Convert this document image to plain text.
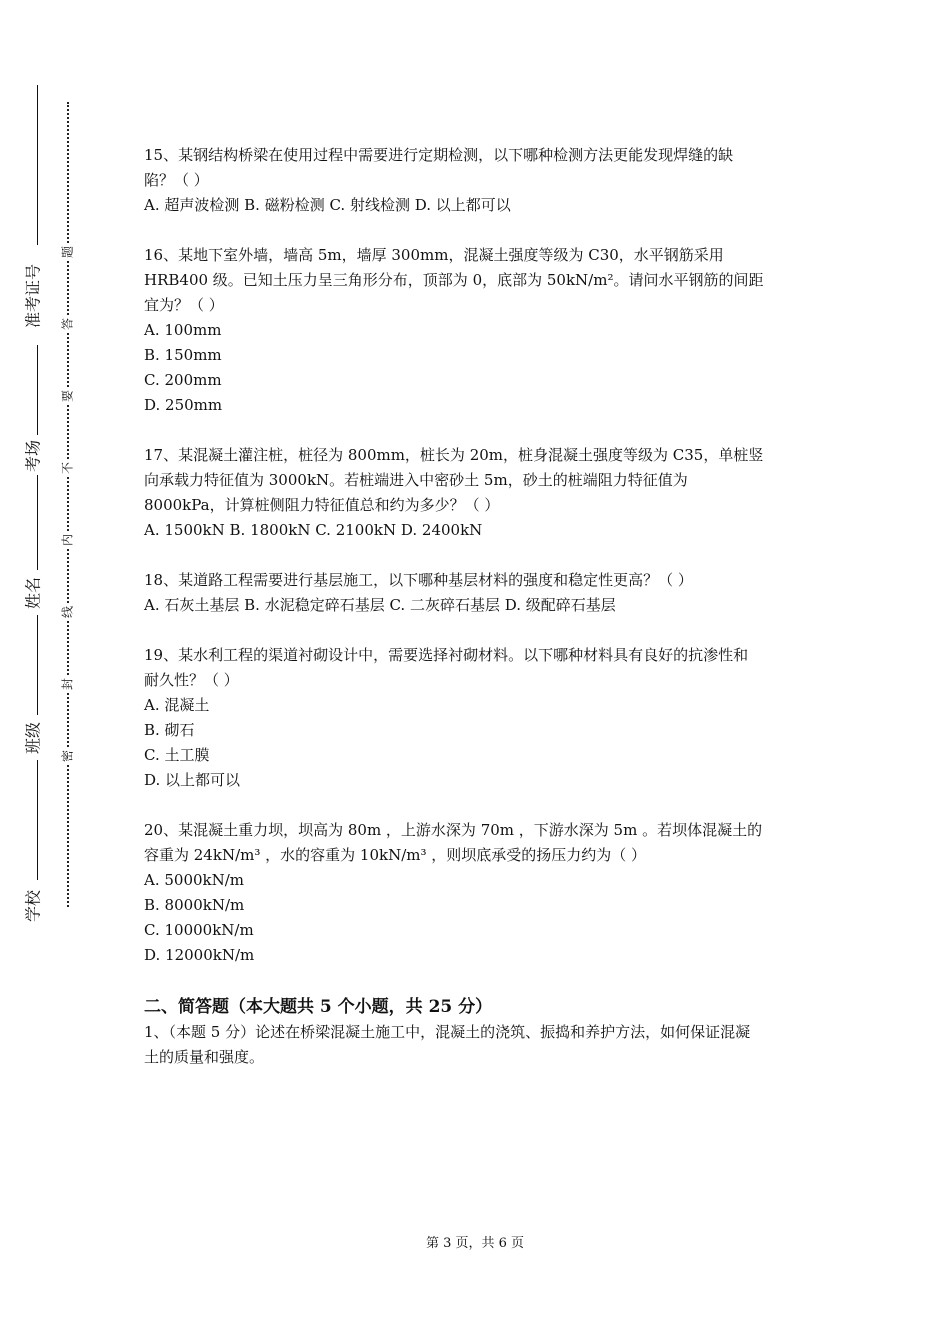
准考证号
考场
姓名
班级
学校
题
答
要
不
内
线
封
密

15、某钢结构桥梁在使用过程中需要进行定期检测，以下哪种检测方法更能发现焊缝的缺

陷？（ ）

A. 超声波检测 B. 磁粉检测 C. 射线检测 D. 以上都可以

16、某地下室外墙，墙高 5m，墙厚 300mm，混凝土强度等级为 C30，水平钢筋采用

HRB400 级。已知土压力呈三角形分布，顶部为 0，底部为 50kN/m²。请问水平钢筋的间距

宜为？（ ）

A. 100mm

B. 150mm

C. 200mm

D. 250mm

17、某混凝土灌注桩，桩径为 800mm，桩长为 20m，桩身混凝土强度等级为 C35，单桩竖

向承载力特征值为 3000kN。若桩端进入中密砂土 5m，砂土的桩端阻力特征值为

8000kPa，计算桩侧阻力特征值总和约为多少？（ ）

A. 1500kN B. 1800kN C. 2100kN D. 2400kN

18、某道路工程需要进行基层施工，以下哪种基层材料的强度和稳定性更高？（ ）

A. 石灰土基层 B. 水泥稳定碎石基层 C. 二灰碎石基层 D. 级配碎石基层

19、某水利工程的渠道衬砌设计中，需要选择衬砌材料。以下哪种材料具有良好的抗渗性和

耐久性？（ ）

A. 混凝土

B. 砌石

C. 土工膜

D. 以上都可以

20、某混凝土重力坝，坝高为 80m ，上游水深为 70m ，下游水深为 5m 。若坝体混凝土的

容重为 24kN/m³ ，水的容重为 10kN/m³ ，则坝底承受的扬压力约为（ ）

A. 5000kN/m

B. 8000kN/m

C. 10000kN/m

D. 12000kN/m

二、简答题（本大题共 5 个小题，共 25 分）

1、（本题 5 分）论述在桥梁混凝土施工中，混凝土的浇筑、振捣和养护方法，如何保证混凝

土的质量和强度。

第 3 页，共 6 页
